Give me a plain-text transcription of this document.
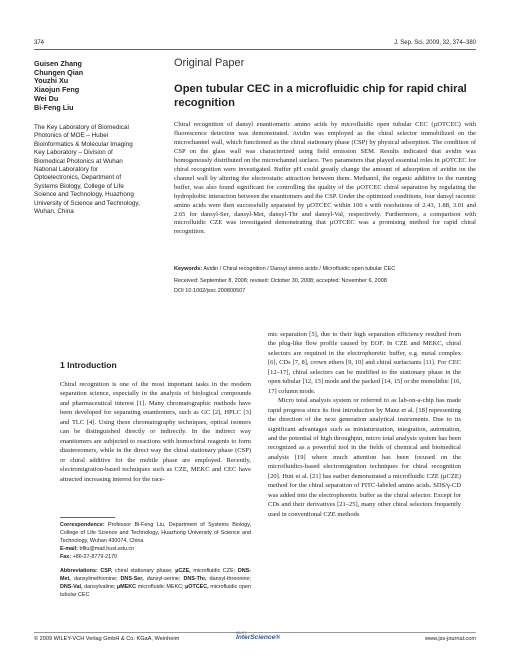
374	J. Sep. Sci. 2009, 32, 374–380
Guisen Zhang
Chungen Qian
Youzhi Xu
Xiaojun Feng
Wei Du
Bi-Feng Liu
The Key Laboratory of Biomedical Photonics of MOE – Hubei Bioinformatics & Molecular Imaging Key Laboratory – Division of Biomedical Photonics at Wuhan National Laboratory for Optoelectronics, Department of Systems Biology, College of Life Science and Technology, Huazhong University of Science and Technology, Wuhan, China
Original Paper
Open tubular CEC in a microfluidic chip for rapid chiral recognition
Chiral recognition of dansyl enantiomeric amino acids by microfluidic open tubular CEC (µOTCEC) with fluorescence detection was demonstrated. Avidin was employed as the chiral selector immobilized on the microchannel wall, which functioned as the chiral stationary phase (CSP) by physical adsorption. The condition of CSP on the glass wall was characterized using field emission SEM. Results indicated that avidin was homogenously distributed on the microchannel surface. Two parameters that played essential roles in µOTCEC for chiral recognition were investigated. Buffer pH could greatly change the amount of adsorption of avidin on the channel wall by altering the electrostatic attraction between them. Methanol, the organic additive to the running buffer, was also found significant for controlling the quality of the µOTCEC chiral separation by regulating the hydrophobic interaction between the enantiomers and the CSP. Under the optimized conditions, four dansyl racemic amino acids were then successfully separated by µOTCEC within 100 s with resolutions of 2.43, 1.88, 3.01 and 2.65 for dansyl-Ser, dansyl-Met, dansyl-Thr and dansyl-Val, respectively. Furthermore, a comparison with microfluidic CZE was investigated demonstrating that µOTCEC was a promising method for rapid chiral recognition.
Keywords: Avidin / Chiral recognition / Dansyl amino acids / Microfluidic open tubular CEC
Received: September 8, 2008; revised: October 30, 2008; accepted: November 6, 2008
DOI 10.1002/jssc.200800507
1 Introduction
Chiral recognition is one of the most important tasks in the modern separation science, especially in the analysis of biological compounds and pharmaceutical interest [1]. Many chromatographic methods have been developed for separating enantiomers, such as GC [2], HPLC [3] and TLC [4]. Using these chromatography techniques, optical isomers can be distinguished directly or indirectly. In the indirect way enantiomers are subjected to reactions with homochiral reagents to form diastereomers, while in the direct way the chiral stationary phase (CSP) or chiral additive for the mobile phase are employed. Recently, electromigration-based techniques such as CZE, MEKC and CEC have attracted increasing interest for the race-
mic separation [5], due to their high separation efficiency resulted from the plug-like flow profile caused by EOF. In CZE and MEKC, chiral selectors are required in the electrophoretic buffer, e.g. metal complex [6], CDs [7, 8], crown ethers [9, 10] and chiral surfactants [11]. For CEC [12–17], chiral selectors can be modified to the stationary phase in the open tubular [12, 13] mode and the packed [14, 15] or the monolithic [16, 17] column mode.
Micro total analysis system or referred to as lab-on-a-chip has made rapid progress since its first introduction by Manz et al. [18] representing the direction of the next generation analytical instruments. Due to its significant advantages such as miniaturization, integration, automation, and the potential of high throughput, micro total analysis system has been recognized as a powerful tool in the fields of chemical and biomedical analysis [19] where much attention has been focused on the microfluidics-based electromigration techniques for chiral recognition [20]. Hutt et al. [21] has earlier demonstrated a microfluidic CZE (µCZE) method for the chiral separation of FITC-labeled amino acids. SDS/γ-CD was added into the electrophoretic buffer as the chiral selector. Except for CDs and their derivatives [21–25], many other chiral selectors frequently used in conventional CZE methods
Correspondence: Professor Bi-Feng Liu, Department of Systems Biology, College of Life Science and Technology, Huazhong University of Science and Technology, Wuhan 430074, China
E-mail: bfliu@mail.hust.edu.cn
Fax: +86-27-8779-2170
Abbreviations: CSP, chiral stationary phase; µCZE, microfluidic CZE; DNS-Met, dansylmethionine; DNS-Ser, dansyl-serine; DNS-Thr, dansyl-threonine; DNS-Val, dansylvaline; µMEKC microfluidic MEKC; µOTCEC, microfluidic open tubular CEC
© 2009 WILEY-VCH Verlag GmbH & Co. KGaA, Weinheim
WILEY
InterScience®	www.jss-journal.com
